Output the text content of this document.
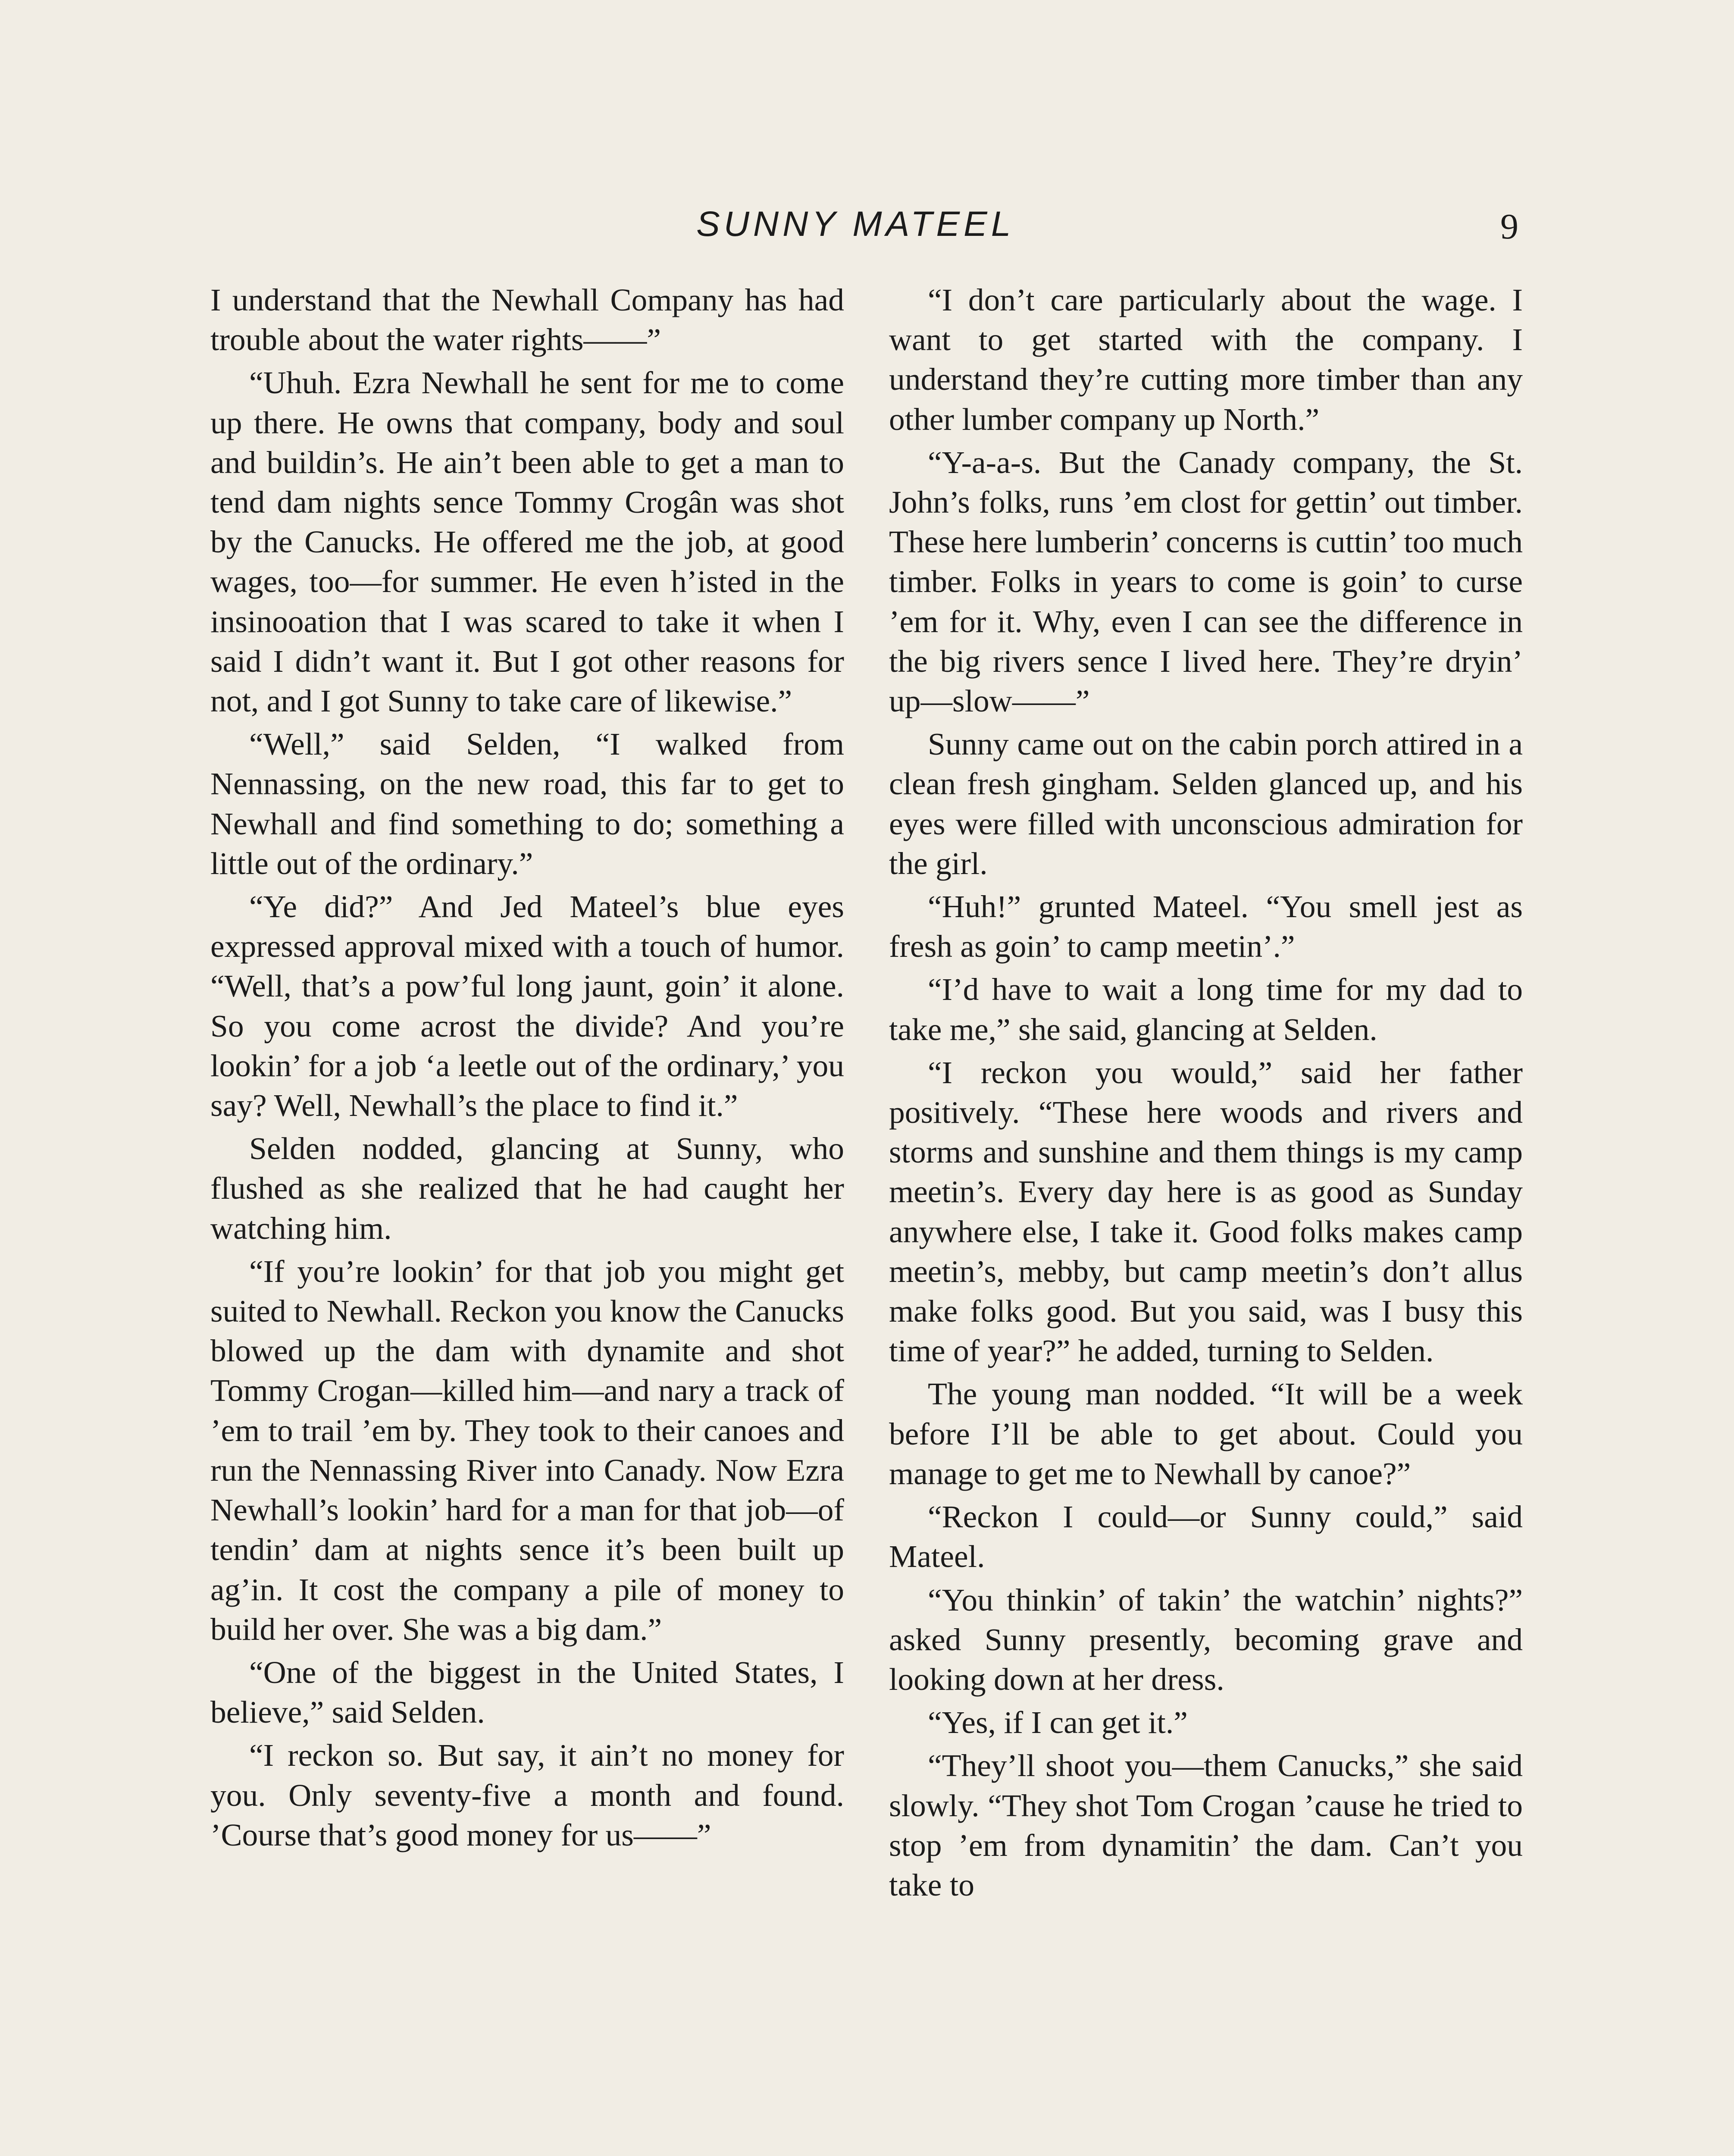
SUNNY MATEEL	9

I understand that the Newhall Company has had trouble about the water rights——”

“Uhuh. Ezra Newhall he sent for me to come up there. He owns that company, body and soul and buildin’s. He ain’t been able to get a man to tend dam nights sence Tommy Crogân was shot by the Canucks. He offered me the job, at good wages, too—for summer. He even h’isted in the insinooation that I was scared to take it when I said I didn’t want it. But I got other reasons for not, and I got Sunny to take care of likewise.”

“Well,” said Selden, “I walked from Nennassing, on the new road, this far to get to Newhall and find something to do; something a little out of the ordinary.”

“Ye did?” And Jed Mateel’s blue eyes expressed approval mixed with a touch of humor. “Well, that’s a pow’ful long jaunt, goin’ it alone. So you come acrost the divide? And you’re lookin’ for a job ‘a leetle out of the ordinary,’ you say? Well, Newhall’s the place to find it.”

Selden nodded, glancing at Sunny, who flushed as she realized that he had caught her watching him.

“If you’re lookin’ for that job you might get suited to Newhall. Reckon you know the Canucks blowed up the dam with dynamite and shot Tommy Crogan—killed him—and nary a track of ’em to trail ’em by. They took to their canoes and run the Nennassing River into Canady. Now Ezra Newhall’s lookin’ hard for a man for that job—of tendin’ dam at nights sence it’s been built up ag’in. It cost the company a pile of money to build her over. She was a big dam.”

“One of the biggest in the United States, I believe,” said Selden.

“I reckon so. But say, it ain’t no money for you. Only seventy-five a month and found. ’Course that’s good money for us——”

“I don’t care particularly about the wage. I want to get started with the company. I understand they’re cutting more timber than any other lumber company up North.”

“Y-a-a-s. But the Canady company, the St. John’s folks, runs ’em clost for gettin’ out timber. These here lumberin’ concerns is cuttin’ too much timber. Folks in years to come is goin’ to curse ’em for it. Why, even I can see the difference in the big rivers sence I lived here. They’re dryin’ up—slow——”

Sunny came out on the cabin porch attired in a clean fresh gingham. Selden glanced up, and his eyes were filled with unconscious admiration for the girl.

“Huh!” grunted Mateel. “You smell jest as fresh as goin’ to camp meetin’.”

“I’d have to wait a long time for my dad to take me,” she said, glancing at Selden.

“I reckon you would,” said her father positively. “These here woods and rivers and storms and sunshine and them things is my camp meetin’s. Every day here is as good as Sunday anywhere else, I take it. Good folks makes camp meetin’s, mebby, but camp meetin’s don’t allus make folks good. But you said, was I busy this time of year?” he added, turning to Selden.

The young man nodded. “It will be a week before I’ll be able to get about. Could you manage to get me to Newhall by canoe?”

“Reckon I could—or Sunny could,” said Mateel.

“You thinkin’ of takin’ the watchin’ nights?” asked Sunny presently, becoming grave and looking down at her dress.

“Yes, if I can get it.”

“They’ll shoot you—them Canucks,” she said slowly. “They shot Tom Crogan ’cause he tried to stop ’em from dynamitin’ the dam. Can’t you take to
